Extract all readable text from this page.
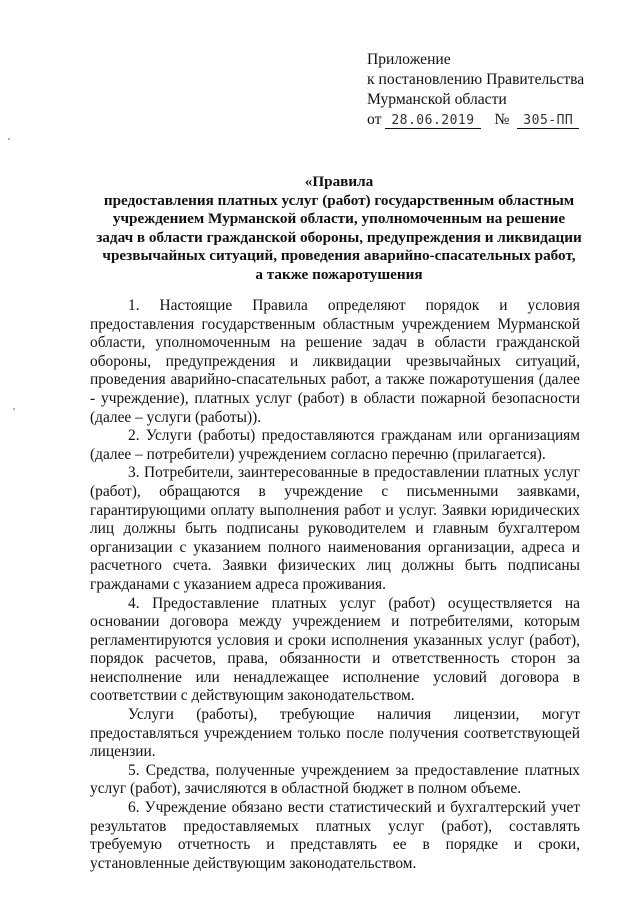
Приложение
к постановлению Правительства
Мурманской области
от 28.06.2019 № 305-ПП
«Правила
предоставления платных услуг (работ) государственным областным
учреждением Мурманской области, уполномоченным на решение
задач в области гражданской обороны, предупреждения и ликвидации
чрезвычайных ситуаций, проведения аварийно-спасательных работ,
а также пожаротушения

1. Настоящие Правила определяют порядок и условия предоставления государственным областным учреждением Мурманской области, уполномоченным на решение задач в области гражданской обороны, предупреждения и ликвидации чрезвычайных ситуаций, проведения аварийно-спасательных работ, а также пожаротушения (далее - учреждение), платных услуг (работ) в области пожарной безопасности (далее – услуги (работы)).

2. Услуги (работы) предоставляются гражданам или организациям (далее – потребители) учреждением согласно перечню (прилагается).

3. Потребители, заинтересованные в предоставлении платных услуг (работ), обращаются в учреждение с письменными заявками, гарантирующими оплату выполнения работ и услуг. Заявки юридических лиц должны быть подписаны руководителем и главным бухгалтером организации с указанием полного наименования организации, адреса и расчетного счета. Заявки физических лиц должны быть подписаны гражданами с указанием адреса проживания.

4. Предоставление платных услуг (работ) осуществляется на основании договора между учреждением и потребителями, которым регламентируются условия и сроки исполнения указанных услуг (работ), порядок расчетов, права, обязанности и ответственность сторон за неисполнение или ненадлежащее исполнение условий договора в соответствии с действующим законодательством.

Услуги (работы), требующие наличия лицензии, могут предоставляться учреждением только после получения соответствующей лицензии.

5. Средства, полученные учреждением за предоставление платных услуг (работ), зачисляются в областной бюджет в полном объеме.

6. Учреждение обязано вести статистический и бухгалтерский учет результатов предоставляемых платных услуг (работ), составлять требуемую отчетность и представлять ее в порядке и сроки, установленные действующим законодательством.
